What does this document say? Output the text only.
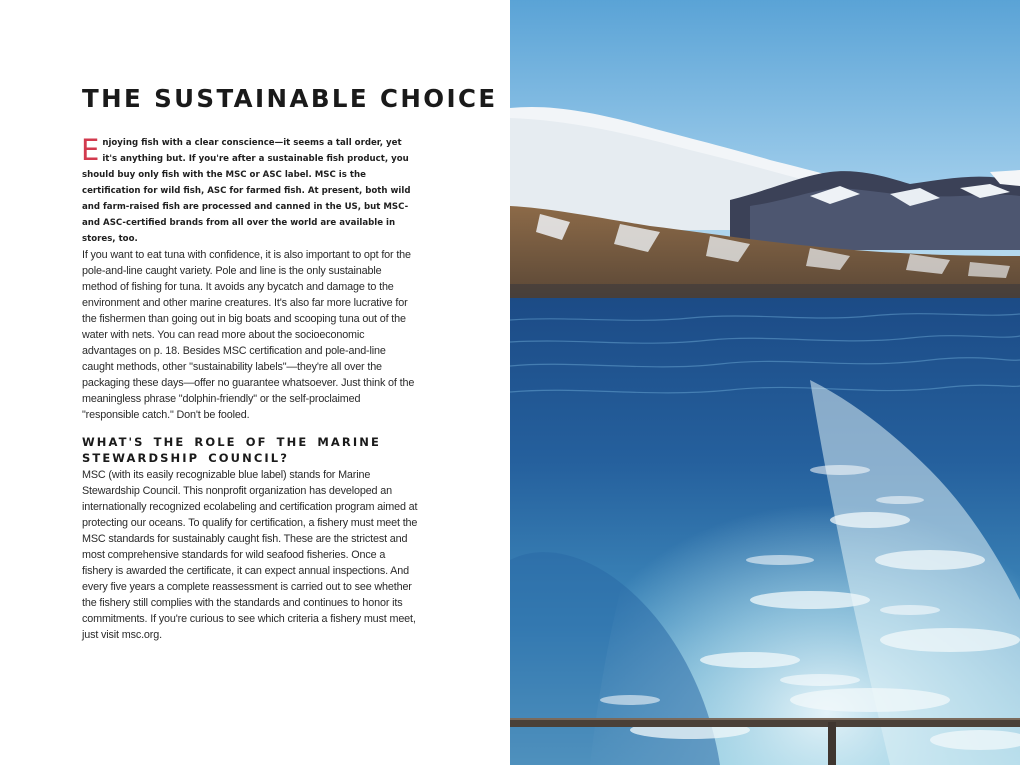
THE SUSTAINABLE CHOICE

Enjoying fish with a clear conscience—it seems a tall order, yet it's anything but. If you're after a sustainable fish product, you should buy only fish with the MSC or ASC label. MSC is the certification for wild fish, ASC for farmed fish. At present, both wild and farm-raised fish are processed and canned in the US, but MSC- and ASC-certified brands from all over the world are available in stores, too.

If you want to eat tuna with confidence, it is also important to opt for the pole-and-line caught variety. Pole and line is the only sustainable method of fishing for tuna. It avoids any bycatch and damage to the environment and other marine creatures. It's also far more lucrative for the fishermen than going out in big boats and scooping tuna out of the water with nets. You can read more about the socioeconomic advantages on p. 18. Besides MSC certification and pole-and-line caught methods, other "sustainability labels"—they're all over the packaging these days—offer no guarantee whatsoever. Just think of the meaningless phrase "dolphin-friendly" or the self-proclaimed "responsible catch." Don't be fooled.

WHAT'S THE ROLE OF THE MARINE STEWARDSHIP COUNCIL?

MSC (with its easily recognizable blue label) stands for Marine Stewardship Council. This nonprofit organization has developed an internationally recognized ecolabeling and certification program aimed at protecting our oceans. To qualify for certification, a fishery must meet the MSC standards for sustainably caught fish. These are the strictest and most comprehensive standards for wild seafood fisheries. Once a fishery is awarded the certificate, it can expect annual inspections. And every five years a complete reassessment is carried out to see whether the fishery still complies with the standards and continues to honor its commitments. If you're curious to see which criteria a fishery must meet, just visit msc.org.
